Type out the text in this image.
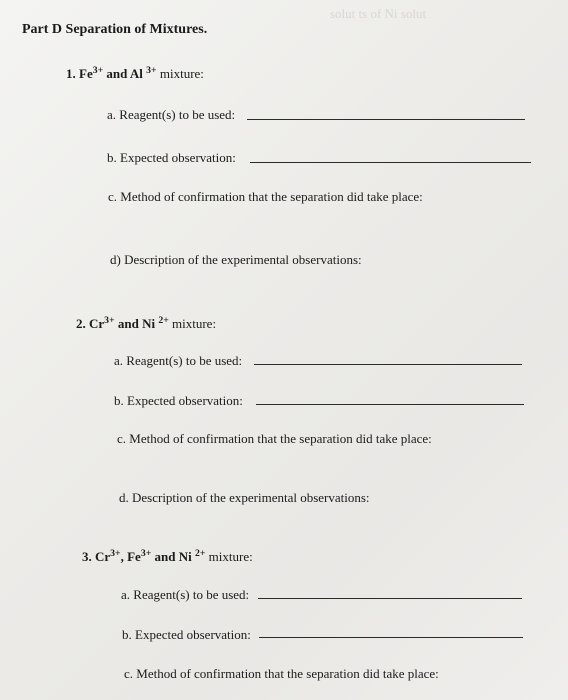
solut ts of Ni solut
Part D Separation of Mixtures.
1. $Fe^{3+}$ and Al $^{3+}$ mixture:
a. Reagent(s) to be used:
b. Expected observation:
c. Method of confirmation that the separation did take place:
d) Description of the experimental observations:
2. $Cr^{3+}$ and Ni $^{2+}$ mixture:
a. Reagent(s) to be used:
b. Expected observation:
c. Method of confirmation that the separation did take place:
d. Description of the experimental observations:
3. $Cr^{3+}$, $Fe^{3+}$ and Ni $^{2+}$ mixture:
a. Reagent(s) to be used:
b. Expected observation:
c. Method of confirmation that the separation did take place:
